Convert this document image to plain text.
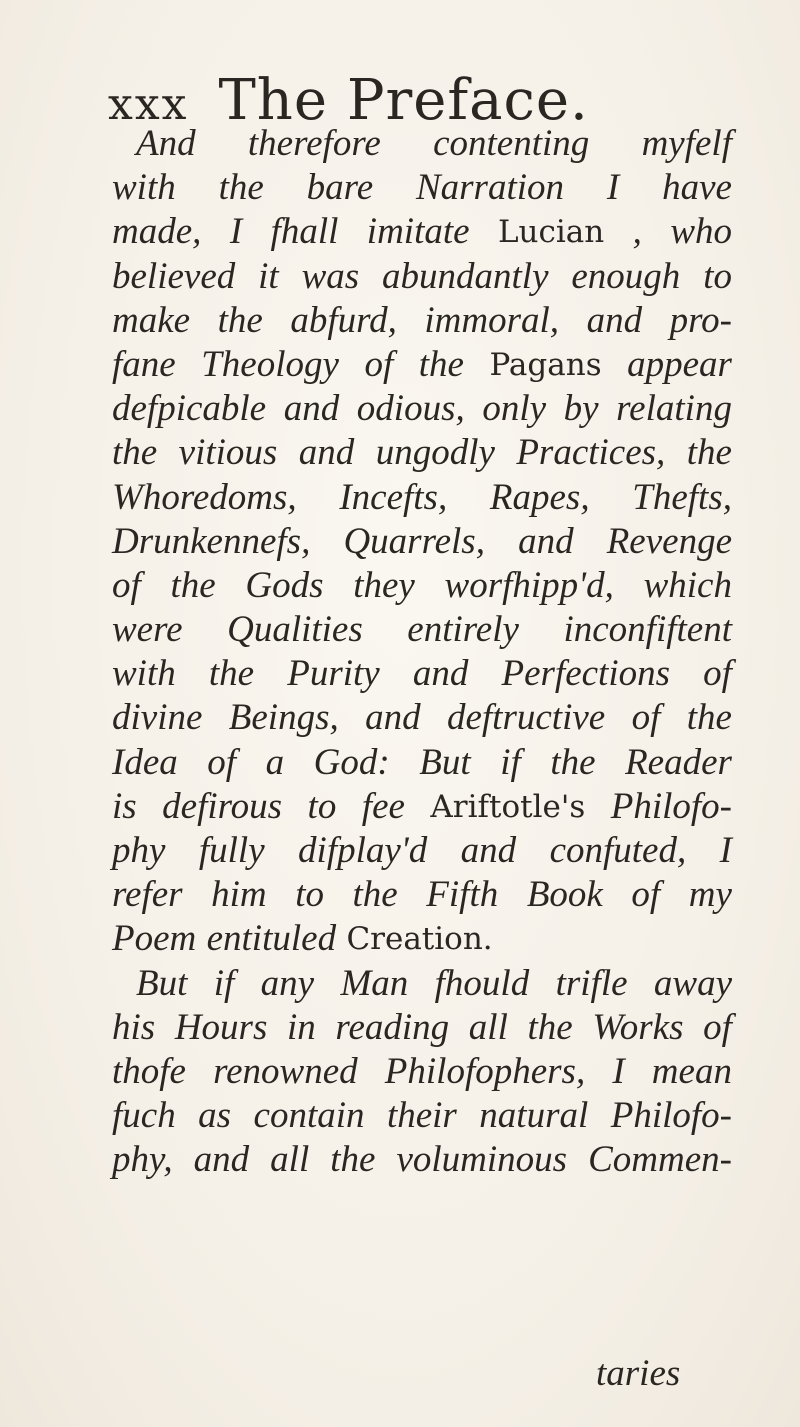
xxx The Preface.
And therefore contenting myfelf
with the bare Narration I have
made, I fhall imitate Lucian , who
believed it was abundantly enough to
make the abfurd, immoral, and pro-
fane Theology of the Pagans appear
defpicable and odious, only by relating
the vitious and ungodly Practices, the
Whoredoms, Incefts, Rapes, Thefts,
Drunkennefs, Quarrels, and Revenge
of the Gods they worfhipp'd, which
were Qualities entirely inconfiftent
with the Purity and Perfections of
divine Beings, and deftructive of the
Idea of a God: But if the Reader
is defirous to fee Ariftotle's Philofo-
phy fully difplay'd and confuted, I
refer him to the Fifth Book of my
Poem entituled Creation.
But if any Man fhould trifle away
his Hours in reading all the Works of
thofe renowned Philofophers, I mean
fuch as contain their natural Philofo-
phy, and all the voluminous Commen-
taries
